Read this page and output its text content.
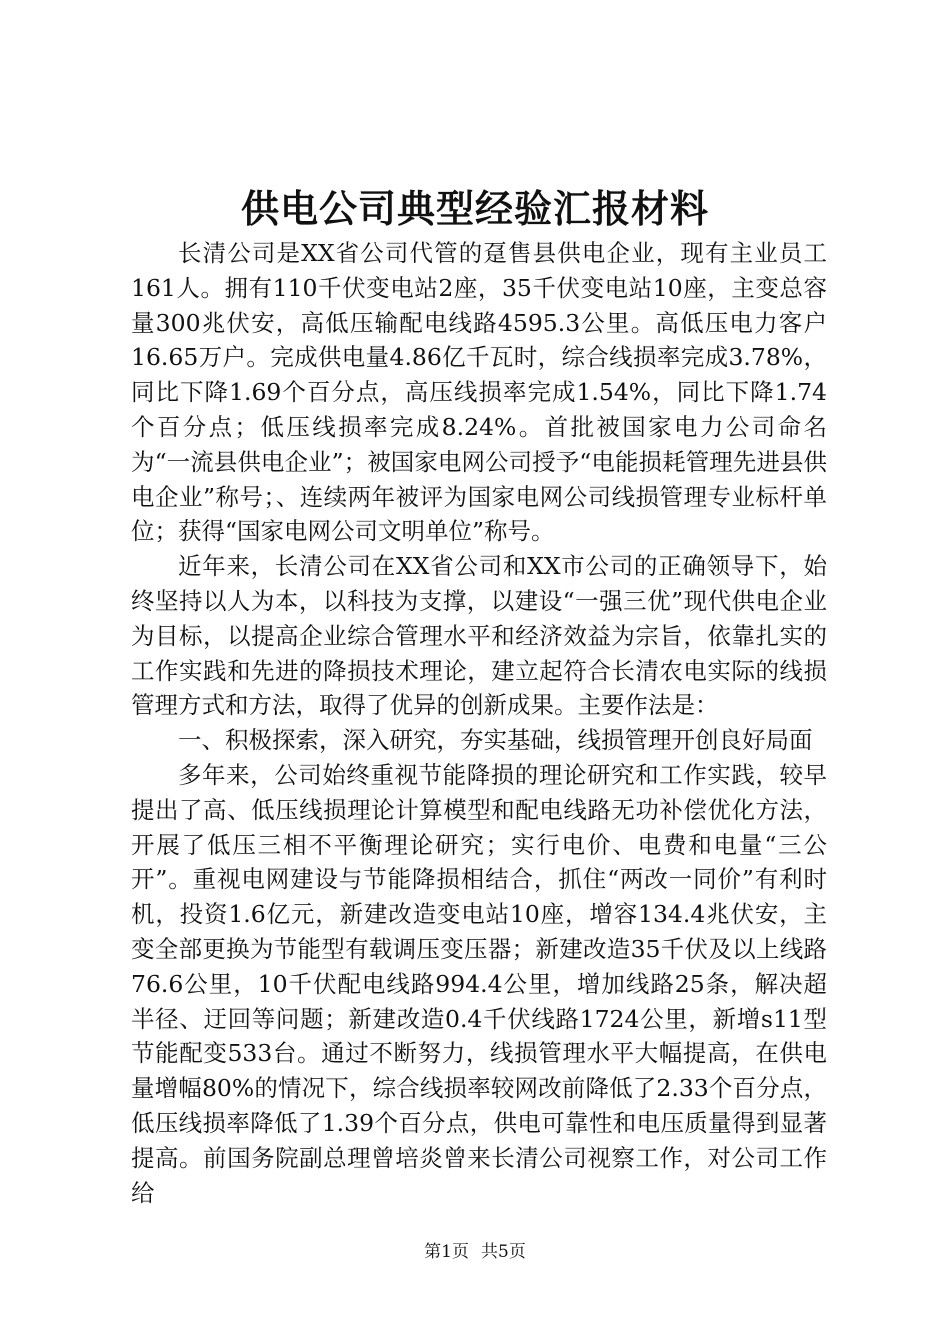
供电公司典型经验汇报材料

长清公司是XX省公司代管的趸售县供电企业，现有主业员工161人。拥有110千伏变电站2座，35千伏变电站10座，主变总容量300兆伏安，高低压输配电线路4595.3公里。高低压电力客户16.65万户。完成供电量4.86亿千瓦时，综合线损率完成3.78%，同比下降1.69个百分点，高压线损率完成1.54%，同比下降1.74个百分点；低压线损率完成8.24%。首批被国家电力公司命名为“一流县供电企业”；被国家电网公司授予“电能损耗管理先进县供电企业”称号；、连续两年被评为国家电网公司线损管理专业标杆单位；获得“国家电网公司文明单位”称号。

近年来，长清公司在XX省公司和XX市公司的正确领导下，始终坚持以人为本，以科技为支撑，以建设“一强三优”现代供电企业为目标，以提高企业综合管理水平和经济效益为宗旨，依靠扎实的工作实践和先进的降损技术理论，建立起符合长清农电实际的线损管理方式和方法，取得了优异的创新成果。主要作法是：

一、积极探索，深入研究，夯实基础，线损管理开创良好局面

多年来，公司始终重视节能降损的理论研究和工作实践，较早提出了高、低压线损理论计算模型和配电线路无功补偿优化方法，开展了低压三相不平衡理论研究；实行电价、电费和电量“三公开”。重视电网建设与节能降损相结合，抓住“两改一同价”有利时机，投资1.6亿元，新建改造变电站10座，增容134.4兆伏安，主变全部更换为节能型有载调压变压器；新建改造35千伏及以上线路76.6公里，10千伏配电线路994.4公里，增加线路25条，解决超半径、迂回等问题；新建改造0.4千伏线路1724公里，新增s11型节能配变533台。通过不断努力，线损管理水平大幅提高，在供电量增幅80%的情况下，综合线损率较网改前降低了2.33个百分点，低压线损率降低了1.39个百分点，供电可靠性和电压质量得到显著提高。前国务院副总理曾培炎曾来长清公司视察工作，对公司工作给

第1页 共5页
